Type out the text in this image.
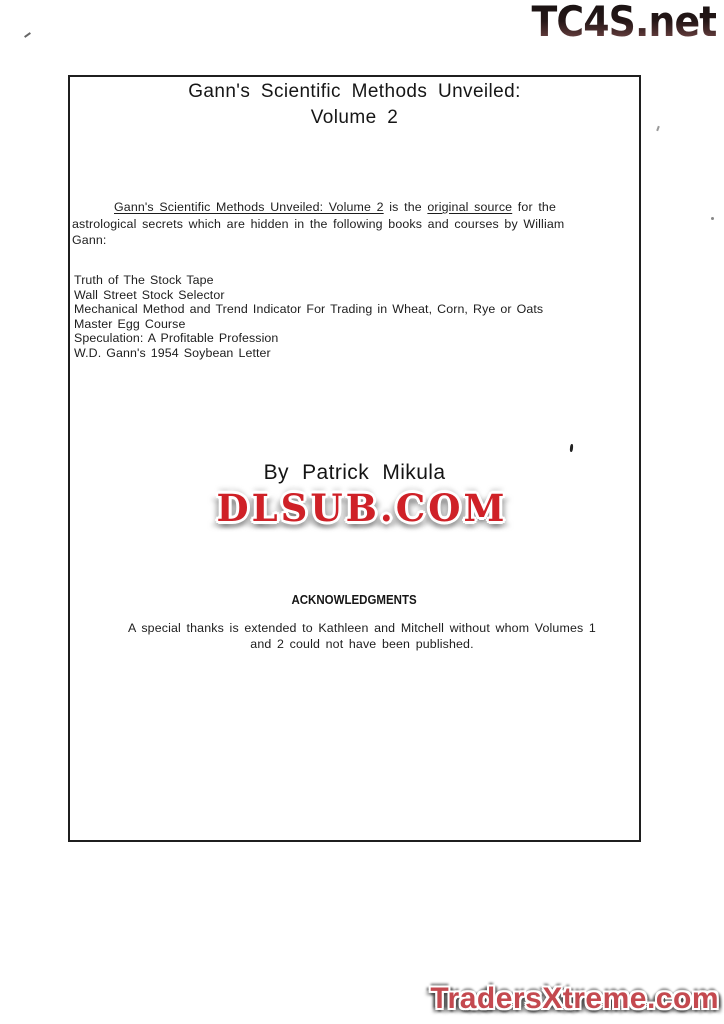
TC4S.net
Gann's Scientific Methods Unveiled:
Volume 2

Gann's Scientific Methods Unveiled: Volume 2 is the original source for the astrological secrets which are hidden in the following books and courses by William Gann:

Truth of The Stock Tape
Wall Street Stock Selector
Mechanical Method and Trend Indicator For Trading in Wheat, Corn, Rye or Oats
Master Egg Course
Speculation: A Profitable Profession
W.D. Gann's 1954 Soybean Letter
By Patrick Mikula
DLSUB.COM
ACKNOWLEDGMENTS

A special thanks is extended to Kathleen and Mitchell without whom Volumes 1 and 2 could not have been published.

TradersXtreme.com
